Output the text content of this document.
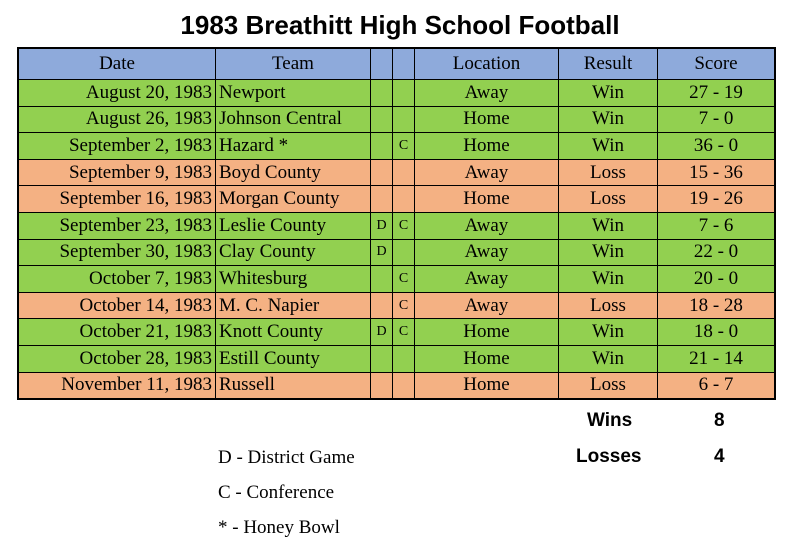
1983 Breathitt High School Football
Date	Team			Location	Result	Score
August 20, 1983	Newport			Away	Win	27 - 19
August 26, 1983	Johnson Central			Home	Win	7 - 0
September 2, 1983	Hazard *		C	Home	Win	36 - 0
September 9, 1983	Boyd County			Away	Loss	15 - 36
September 16, 1983	Morgan County			Home	Loss	19 - 26
September 23, 1983	Leslie County	D	C	Away	Win	7 - 6
September 30, 1983	Clay County	D		Away	Win	22 - 0
October 7, 1983	Whitesburg		C	Away	Win	20 - 0
October 14, 1983	M. C. Napier		C	Away	Loss	18 - 28
October 21, 1983	Knott County	D	C	Home	Win	18 - 0
October 28, 1983	Estill County			Home	Win	21 - 14
November 11, 1983	Russell			Home	Loss	6 - 7
Wins	8
Losses	4
D - District Game
C - Conference
* - Honey Bowl
